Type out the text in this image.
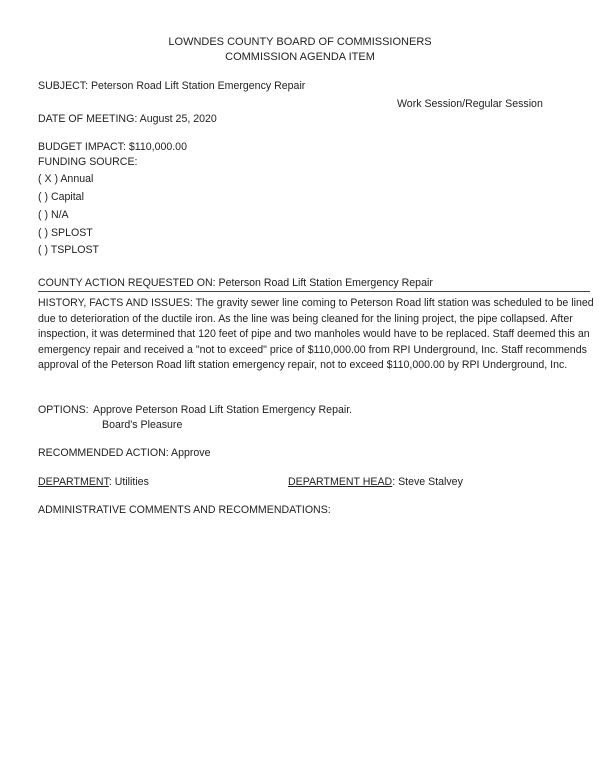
LOWNDES COUNTY BOARD OF COMMISSIONERS
COMMISSION AGENDA ITEM
SUBJECT: Peterson Road Lift Station Emergency Repair
Work Session/Regular Session
DATE OF MEETING: August 25, 2020
BUDGET IMPACT: $110,000.00
FUNDING SOURCE:
( X ) Annual
( ) Capital
( ) N/A
( ) SPLOST
( ) TSPLOST
COUNTY ACTION REQUESTED ON: Peterson Road Lift Station Emergency Repair
HISTORY, FACTS AND ISSUES: The gravity sewer line coming to Peterson Road lift station was scheduled to be lined due to deterioration of the ductile iron. As the line was being cleaned for the lining project, the pipe collapsed. After inspection, it was determined that 120 feet of pipe and two manholes would have to be replaced. Staff deemed this an emergency repair and received a "not to exceed" price of $110,000.00 from RPI Underground, Inc. Staff recommends approval of the Peterson Road lift station emergency repair, not to exceed $110,000.00 by RPI Underground, Inc.
OPTIONS: Approve Peterson Road Lift Station Emergency Repair.
Board's Pleasure
RECOMMENDED ACTION: Approve
DEPARTMENT: Utilities	DEPARTMENT HEAD: Steve Stalvey
ADMINISTRATIVE COMMENTS AND RECOMMENDATIONS:
